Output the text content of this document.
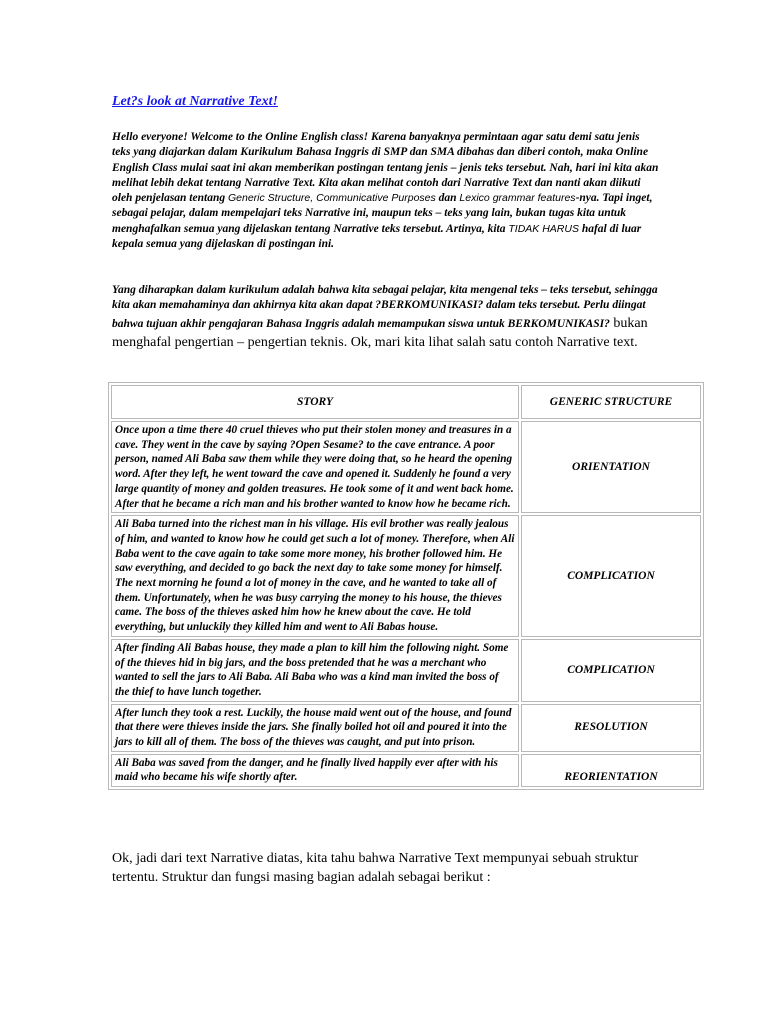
Let?s look at Narrative Text!

Hello everyone! Welcome to the Online English class! Karena banyaknya permintaan agar satu demi satu jenis teks yang diajarkan dalam Kurikulum Bahasa Inggris di SMP dan SMA dibahas dan diberi contoh, maka Online English Class mulai saat ini akan memberikan postingan tentang jenis – jenis teks tersebut. Nah, hari ini kita akan melihat lebih dekat tentang Narrative Text. Kita akan melihat contoh dari Narrative Text dan nanti akan diikuti oleh penjelasan tentang Generic Structure, Communicative Purposes dan Lexico grammar features-nya. Tapi inget, sebagai pelajar, dalam mempelajari teks Narrative ini, maupun teks – teks yang lain, bukan tugas kita untuk menghafalkan semua yang dijelaskan tentang Narrative teks tersebut. Artinya, kita TIDAK HARUS hafal di luar kepala semua yang dijelaskan di postingan ini.

Yang diharapkan dalam kurikulum adalah bahwa kita sebagai pelajar, kita mengenal teks – teks tersebut, sehingga kita akan memahaminya dan akhirnya kita akan dapat ?BERKOMUNIKASI? dalam teks tersebut. Perlu diingat bahwa tujuan akhir pengajaran Bahasa Inggris adalah memampukan siswa untuk BERKOMUNIKASI? bukan menghafal pengertian – pengertian teknis. Ok, mari kita lihat salah satu contoh Narrative text.

STORY	GENERIC STRUCTURE
Once upon a time there 40 cruel thieves who put their stolen money and treasures in a cave. They went in the cave by saying ?Open Sesame? to the cave entrance. A poor person, named Ali Baba saw them while they were doing that, so he heard the opening word. After they left, he went toward the cave and opened it. Suddenly he found a very large quantity of money and golden treasures. He took some of it and went back home. After that he became a rich man and his brother wanted to know how he became rich.	ORIENTATION
Ali Baba turned into the richest man in his village. His evil brother was really jealous of him, and wanted to know how he could get such a lot of money. Therefore, when Ali Baba went to the cave again to take some more money, his brother followed him. He saw everything, and decided to go back the next day to take some money for himself. The next morning he found a lot of money in the cave, and he wanted to take all of them. Unfortunately, when he was busy carrying the money to his house, the thieves came. The boss of the thieves asked him how he knew about the cave. He told everything, but unluckily they killed him and went to Ali Babas house.	COMPLICATION
After finding Ali Babas house, they made a plan to kill him the following night. Some of the thieves hid in big jars, and the boss pretended that he was a merchant who wanted to sell the jars to Ali Baba. Ali Baba who was a kind man invited the boss of the thief to have lunch together.	COMPLICATION
After lunch they took a rest. Luckily, the house maid went out of the house, and found that there were thieves inside the jars. She finally boiled hot oil and poured it into the jars to kill all of them. The boss of the thieves was caught, and put into prison.	RESOLUTION
Ali Baba was saved from the danger, and he finally lived happily ever after with his maid who became his wife shortly after.	REORIENTATION

Ok, jadi dari text Narrative diatas, kita tahu bahwa Narrative Text mempunyai sebuah struktur tertentu. Struktur dan fungsi masing bagian adalah sebagai berikut :
